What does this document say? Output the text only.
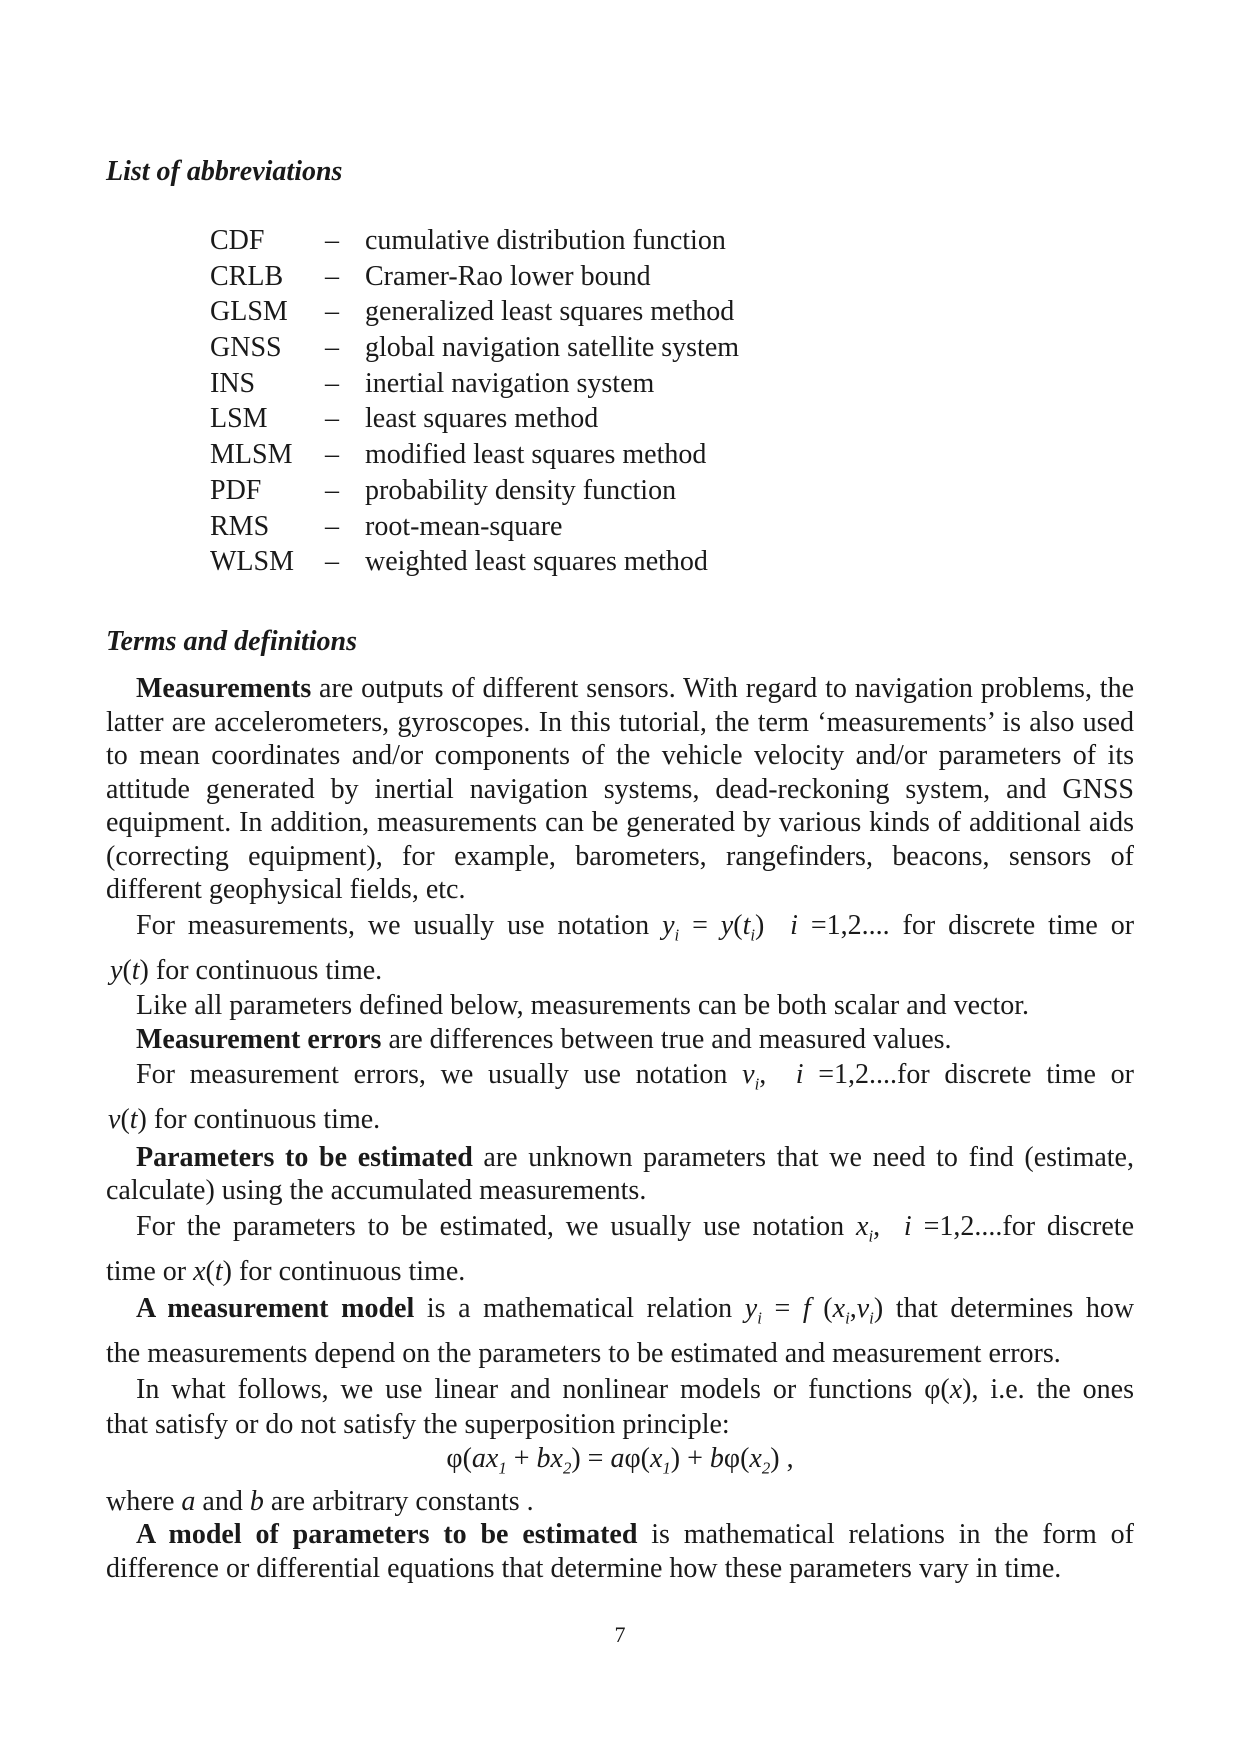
List of abbreviations
CDF	– cumulative distribution function
CRLB	– Cramer-Rao lower bound
GLSM	– generalized least squares method
GNSS	– global navigation satellite system
INS	– inertial navigation system
LSM	– least squares method
MLSM	– modified least squares method
PDF	– probability density function
RMS	– root-mean-square
WLSM	– weighted least squares method
Terms and definitions

Measurements are outputs of different sensors. With regard to navigation problems, the latter are accelerometers, gyroscopes. In this tutorial, the term ‘measurements’ is also used to mean coordinates and/or components of the vehicle velocity and/or parameters of its attitude generated by inertial navigation systems, dead-reckoning system, and GNSS equipment. In addition, measurements can be generated by various kinds of additional aids (correcting equipment), for example, barometers, rangefinders, beacons, sensors of different geophysical fields, etc.

For measurements, we usually use notation $y_i = y(t_i)$  i =1,2.... for discrete time or

y(t) for continuous time.

Like all parameters defined below, measurements can be both scalar and vector.

Measurement errors are differences between true and measured values.

For measurement errors, we usually use notation $v_i$,  i =1,2....for discrete time or

v(t) for continuous time.

Parameters to be estimated are unknown parameters that we need to find (estimate, calculate) using the accumulated measurements.

For the parameters to be estimated, we usually use notation $x_i$,  i =1,2....for discrete

time or x(t) for continuous time.

A measurement model is a mathematical relation $y_i = f$ $(x_i,v_i)$ that determines how

the measurements depend on the parameters to be estimated and measurement errors.

In what follows, we use linear and nonlinear models or functions φ(x), i.e. the ones

that satisfy or do not satisfy the superposition principle:

$\varphi(ax_1 + bx_2) = a\varphi(x_1) + b\varphi(x_2)$ ,

where a and b are arbitrary constants .

A model of parameters to be estimated is mathematical relations in the form of difference or differential equations that determine how these parameters vary in time.

7
